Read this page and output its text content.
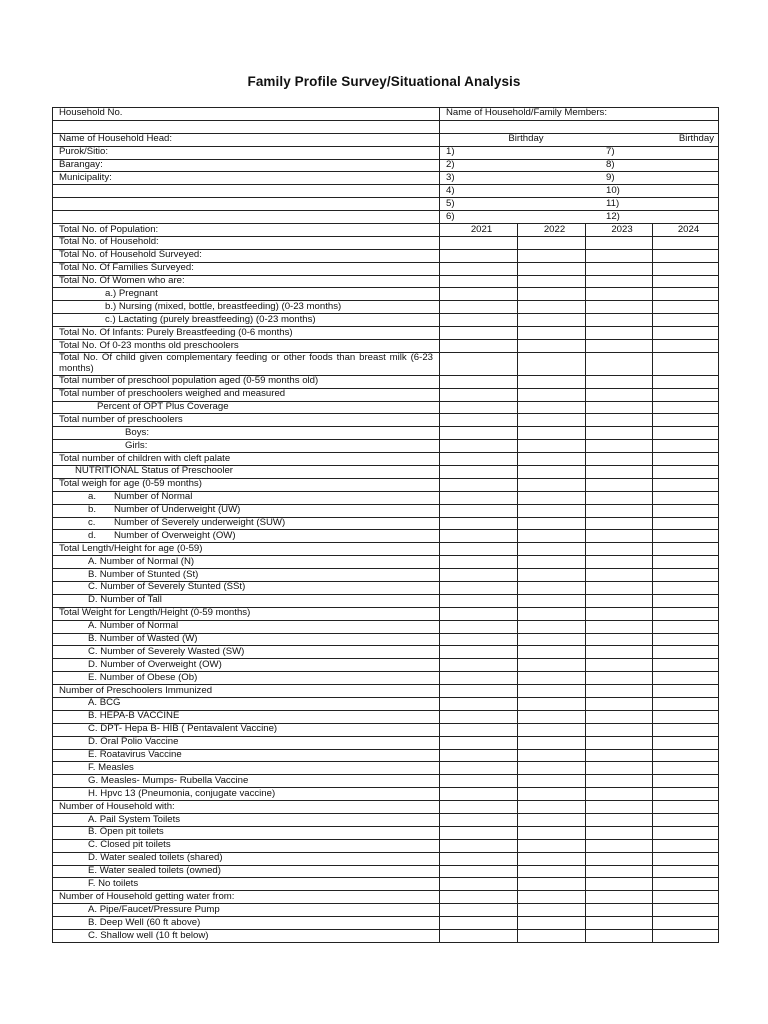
Family Profile Survey/Situational Analysis
Household No.	Name of Household/Family Members:			

Name of Household Head:	Birthday Birthday			

Purok/Sitio:	1) 7)			

Barangay:	2) 8)			

Municipality:	3) 9)			

	4) 10)			

	5) 11)			

	6) 12)			

Total No. of Population:	2021	2022	2023	2024
Total No. of Household:				
Total No. of Household Surveyed:				
Total No. Of Families Surveyed:				
Total No. Of Women who are:				
a.) Pregnant				
b.) Nursing (mixed, bottle, breastfeeding) (0-23 months)				
c.) Lactating (purely breastfeeding) (0-23 months)				
Total No. Of Infants: Purely Breastfeeding (0-6 months)				
Total No. Of 0-23 months old preschoolers				
Total No. Of child given complementary feeding or other foods than breast milk (6-23 months)				
Total number of preschool population aged (0-59 months old)				
Total number of preschoolers weighed and measured				
Percent of OPT Plus Coverage				
Total number of preschoolers				
Boys:				
Girls:				
Total number of children with cleft palate				
NUTRITIONAL Status of Preschooler				
Total weigh for age (0-59 months)				
a. Number of Normal				
b. Number of Underweight (UW)				
c. Number of Severely underweight (SUW)				
d. Number of Overweight (OW)				
Total Length/Height for age (0-59)				
A. Number of Normal (N)				
B. Number of Stunted (St)				
C. Number of Severely Stunted (SSt)				
D. Number of Tall				
Total Weight for Length/Height (0-59 months)				
A. Number of Normal				
B. Number of Wasted (W)				
C. Number of Severely Wasted (SW)				
D. Number of Overweight (OW)				
E. Number of Obese (Ob)				
Number of Preschoolers Immunized				
A. BCG				
B. HEPA-B VACCINE				
C. DPT- Hepa B- HIB ( Pentavalent Vaccine)				
D. Oral Polio Vaccine				
E. Roatavirus Vaccine				
F. Measles				
G. Measles- Mumps- Rubella Vaccine				
H. Hpvc 13 (Pneumonia, conjugate vaccine)				
Number of Household with:				
A. Pail System Toilets				
B. Open pit toilets				
C. Closed pit toilets				
D. Water sealed toilets (shared)				
E. Water sealed toilets (owned)				
F. No toilets				
Number of Household getting water from:				
A. Pipe/Faucet/Pressure Pump				
B. Deep Well (60 ft above)				
C. Shallow well (10 ft below)				
